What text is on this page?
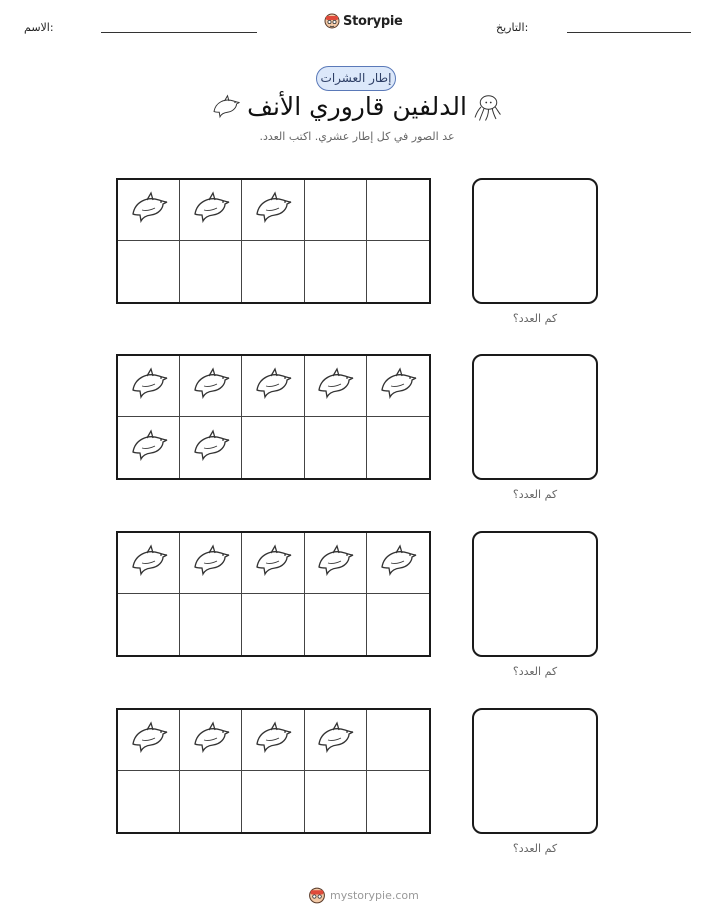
الاسم:	Storypie	التاريخ:
إطار العشرات
الدلفين قاروري الأنف
عد الصور في كل إطار عشري. اكتب العدد.
كم العدد؟
كم العدد؟
كم العدد؟
كم العدد؟
mystorypie.com
